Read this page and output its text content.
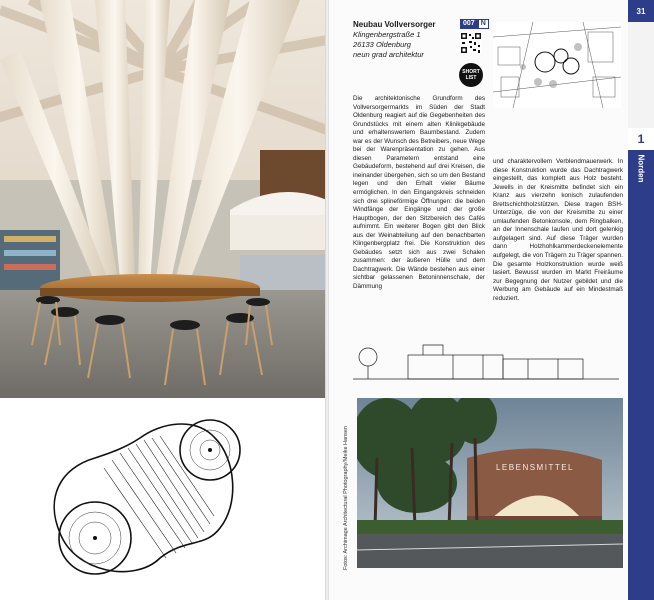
Neubau Vollversorger
Klingenbergstraße 1
26133 Oldenburg
neun grad architektur
007 N
SHORT
LIST
Die architektonische Grundform des Vollversorgermarkts im Süden der Stadt Oldenburg reagiert auf die Gegebenheiten des Grundstücks mit einem alten Klinikgebäude und erhaltenswertem Baumbestand. Zudem war es der Wunsch des Betreibers, neue Wege bei der Warenpräsentation zu gehen. Aus diesen Parametern entstand eine Gebäudeform, bestehend auf drei Kreisen, die ineinander übergehen, sich so um den Bestand legen und den Erhalt vieler Bäume ermöglichen. In den Eingangskreis schneiden sich drei splineförmige Öffnungen: die beiden Windfänge der Eingänge und der große Hauptbogen, der den Sitzbereich des Cafés aufnimmt. Ein weiterer Bogen gibt den Blick aus der Weinabteilung auf den benachbarten Klingenbergplatz frei. Die Konstruktion des Gebäudes setzt sich aus zwei Schalen zusammen: der äußeren Hülle und dem Dachtragwerk. Die Wände bestehen aus einer sichtbar gelassenen Betoninnenschale, der Dämmung
und charaktervollem Verblendmauerwerk. In diese Konstruktion wurde das Dachtragwerk eingestellt, das komplett aus Holz besteht. Jewells in der Kreismitte befindet sich ein Kranz aus vierzehn konisch zulaufenden Brettschichtholzstützen. Diese tragen BSH-Unterzüge, die von der Kreismitte zu einer umlaufenden Betonkonsole, dem Ringbalken, an der Innenschale laufen und dort gelenkig aufgelagert sind. Auf diese Träger wurden dann Holzhohlkammerdeckenelemente aufgelegt, die von Trägern zu Träger spannen. Die gesamte Holzkonstruktion wurde weiß lasiert. Bewusst wurden im Markt Freiräume zur Begegnung der Nutzer gebildet und die Werbung am Gebäude auf ein Mindestmaß reduziert.
LEBENSMITTEL
Fotos: Archimage Architectural Photography/Meike Hansen
31
1
Norden
